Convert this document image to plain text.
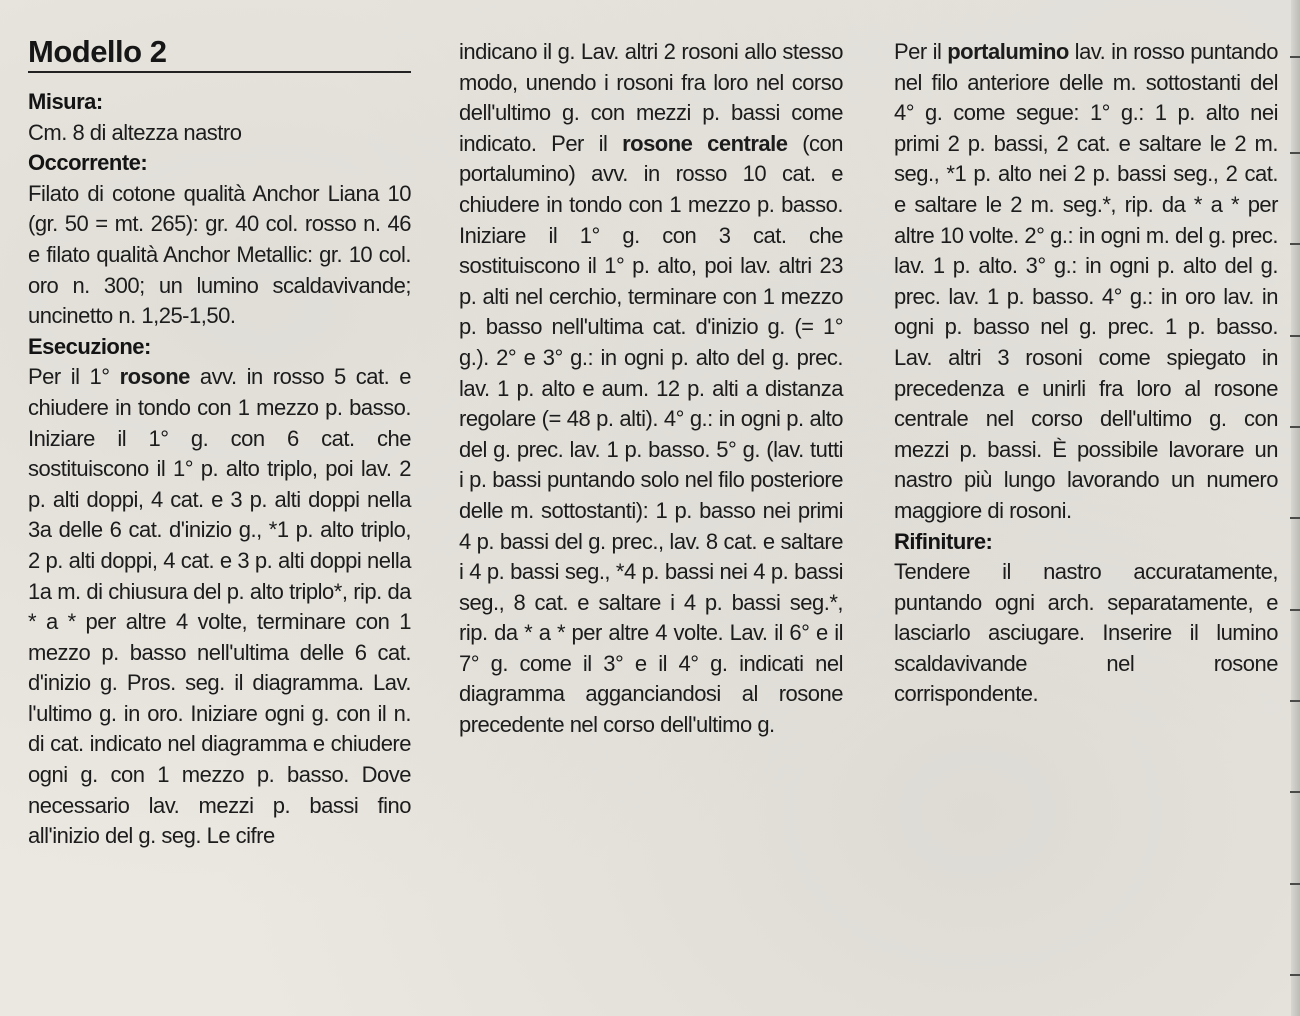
Modello 2

Misura:

Cm. 8 di altezza nastro

Occorrente:

Filato di cotone qualità Anchor Liana 10 (gr. 50 = mt. 265): gr. 40 col. rosso n. 46 e filato qualità Anchor Metallic: gr. 10 col. oro n. 300; un lumino scaldavivande; uncinetto n. 1,25-1,50.

Esecuzione:

Per il 1° rosone avv. in rosso 5 cat. e chiudere in tondo con 1 mezzo p. basso. Iniziare il 1° g. con 6 cat. che sostituiscono il 1° p. alto triplo, poi lav. 2 p. alti doppi, 4 cat. e 3 p. alti doppi nella 3a delle 6 cat. d'inizio g., *1 p. alto triplo, 2 p. alti doppi, 4 cat. e 3 p. alti doppi nella 1a m. di chiusura del p. alto triplo*, rip. da * a * per altre 4 volte, terminare con 1 mezzo p. basso nell'ultima delle 6 cat. d'inizio g. Pros. seg. il diagramma. Lav. l'ultimo g. in oro. Iniziare ogni g. con il n. di cat. indicato nel diagramma e chiudere ogni g. con 1 mezzo p. basso. Dove necessario lav. mezzi p. bassi fino all'inizio del g. seg. Le cifre

indicano il g. Lav. altri 2 rosoni allo stesso modo, unendo i rosoni fra loro nel corso dell'ultimo g. con mezzi p. bassi come indicato. Per il rosone centrale (con portalumino) avv. in rosso 10 cat. e chiudere in tondo con 1 mezzo p. basso. Iniziare il 1° g. con 3 cat. che sostituiscono il 1° p. alto, poi lav. altri 23 p. alti nel cerchio, terminare con 1 mezzo p. basso nell'ultima cat. d'inizio g. (= 1° g.). 2° e 3° g.: in ogni p. alto del g. prec. lav. 1 p. alto e aum. 12 p. alti a distanza regolare (= 48 p. alti). 4° g.: in ogni p. alto del g. prec. lav. 1 p. basso. 5° g. (lav. tutti i p. bassi puntando solo nel filo posteriore delle m. sottostanti): 1 p. basso nei primi 4 p. bassi del g. prec., lav. 8 cat. e saltare i 4 p. bassi seg., *4 p. bassi nei 4 p. bassi seg., 8 cat. e saltare i 4 p. bassi seg.*, rip. da * a * per altre 4 volte. Lav. il 6° e il 7° g. come il 3° e il 4° g. indicati nel diagramma agganciandosi al rosone precedente nel corso dell'ultimo g.

Per il portalumino lav. in rosso puntando nel filo anteriore delle m. sottostanti del 4° g. come segue: 1° g.: 1 p. alto nei primi 2 p. bassi, 2 cat. e saltare le 2 m. seg., *1 p. alto nei 2 p. bassi seg., 2 cat. e saltare le 2 m. seg.*, rip. da * a * per altre 10 volte. 2° g.: in ogni m. del g. prec. lav. 1 p. alto. 3° g.: in ogni p. alto del g. prec. lav. 1 p. basso. 4° g.: in oro lav. in ogni p. basso nel g. prec. 1 p. basso. Lav. altri 3 rosoni come spiegato in precedenza e unirli fra loro al rosone centrale nel corso dell'ultimo g. con mezzi p. bassi. È possibile lavorare un nastro più lungo lavorando un numero maggiore di rosoni.

Rifiniture:

Tendere il nastro accuratamente, puntando ogni arch. separatamente, e lasciarlo asciugare. Inserire il lumino scaldavivande nel rosone corrispondente.
